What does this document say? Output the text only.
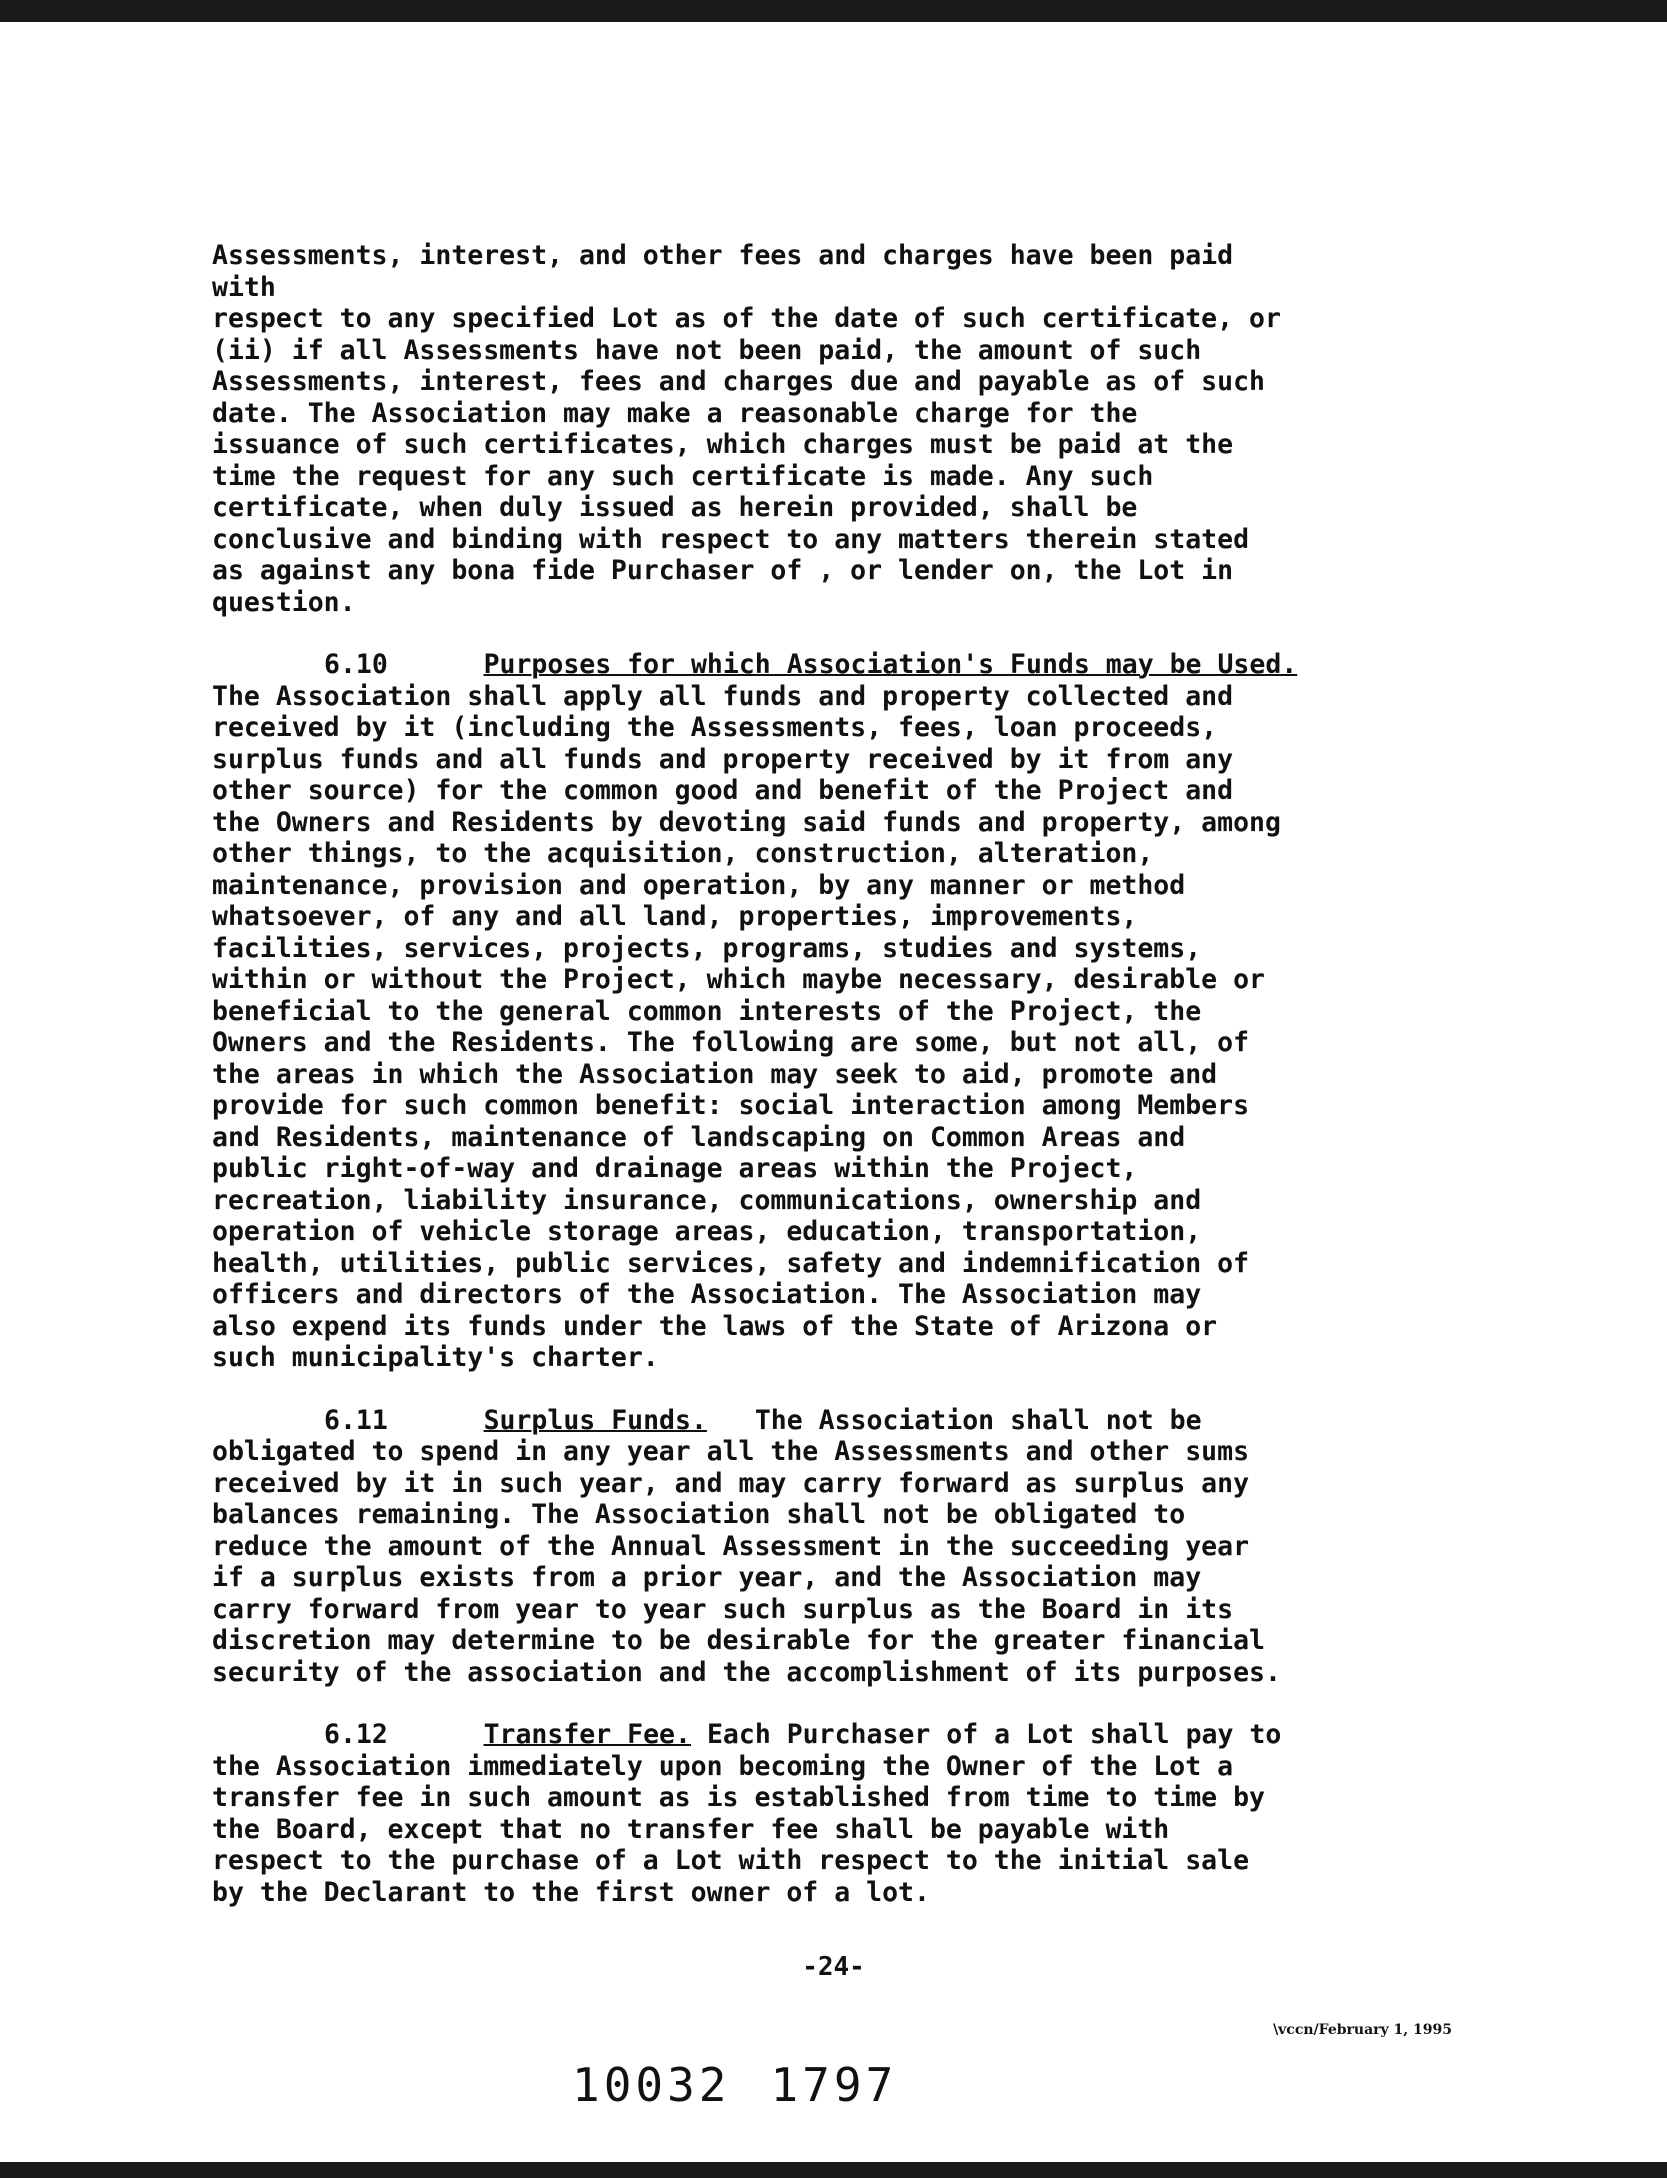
Assessments, interest, and other fees and charges have been paid
with
respect to any specified Lot as of the date of such certificate, or
(ii) if all Assessments have not been paid, the amount of such
Assessments, interest, fees and charges due and payable as of such
date. The Association may make a reasonable charge for the
issuance of such certificates, which charges must be paid at the
time the request for any such certificate is made. Any such
certificate, when duly issued as herein provided, shall be
conclusive and binding with respect to any matters therein stated
as against any bona fide Purchaser of , or lender on, the Lot in
question.
6.10	Purposes for which Association's Funds may be Used.
The Association shall apply all funds and property collected and
received by it (including the Assessments, fees, loan proceeds,
surplus funds and all funds and property received by it from any
other source) for the common good and benefit of the Project and
the Owners and Residents by devoting said funds and property, among
other things, to the acquisition, construction, alteration,
maintenance, provision and operation, by any manner or method
whatsoever, of any and all land, properties, improvements,
facilities, services, projects, programs, studies and systems,
within or without the Project, which maybe necessary, desirable or
beneficial to the general common interests of the Project, the
Owners and the Residents. The following are some, but not all, of
the areas in which the Association may seek to aid, promote and
provide for such common benefit: social interaction among Members
and Residents, maintenance of landscaping on Common Areas and
public right-of-way and drainage areas within the Project,
recreation, liability insurance, communications, ownership and
operation of vehicle storage areas, education, transportation,
health, utilities, public services, safety and indemnification of
officers and directors of the Association. The Association may
also expend its funds under the laws of the State of Arizona or
such municipality's charter.
6.11	Surplus Funds. The Association shall not be
obligated to spend in any year all the Assessments and other sums
received by it in such year, and may carry forward as surplus any
balances remaining. The Association shall not be obligated to
reduce the amount of the Annual Assessment in the succeeding year
if a surplus exists from a prior year, and the Association may
carry forward from year to year such surplus as the Board in its
discretion may determine to be desirable for the greater financial
security of the association and the accomplishment of its purposes.
6.12	Transfer Fee. Each Purchaser of a Lot shall pay to
the Association immediately upon becoming the Owner of the Lot a
transfer fee in such amount as is established from time to time by
the Board, except that no transfer fee shall be payable with
respect to the purchase of a Lot with respect to the initial sale
by the Declarant to the first owner of a lot.
-24-
\vccn/February 1, 1995
10032 1797
